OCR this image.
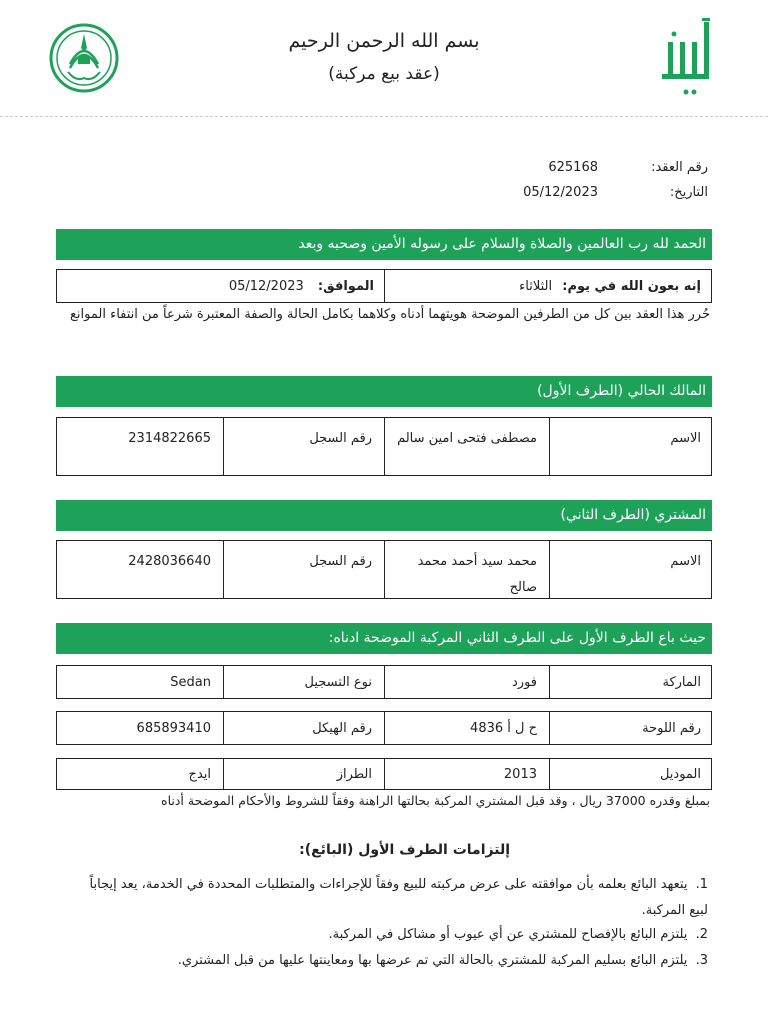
بسم الله الرحمن الرحيم
(عقد بيع مركبة)
رقم العقد:
625168
التاريخ:
05/12/2023
الحمد لله رب العالمين والصلاة والسلام على رسوله الأمين وصحبه وبعد
إنه بعون الله في يوم: الثلاثاء
الموافق: 05/12/2023
حُرر هذا العقد بين كل من الطرفين الموضحة هويتهما أدناه وكلاهما بكامل الحالة والصفة المعتبرة شرعاً من انتفاء الموانع
المالك الحالي (الطرف الأول)
الاسم
مصطفى فتحى امين سالم
رقم السجل
2314822665
المشتري (الطرف الثاني)
الاسم
محمد سيد أحمد محمد صالح
رقم السجل
2428036640
حيث باع الطرف الأول على الطرف الثاني المركبة الموضحة ادناه:
الماركة
فورد
نوع التسجيل
Sedan
رقم اللوحة
ح ل أ 4836
رقم الهيكل
685893410
الموديل
2013
الطراز
ايدج
بمبلغ وقدره 37000 ريال ، وقد قبل المشتري المركبة بحالتها الراهنة وفقاً للشروط والأحكام الموضحة أدناه
إلتزامات الطرف الأول (البائع):
1. يتعهد البائع بعلمه بأن موافقته على عرض مركبته للبيع وفقاً للإجراءات والمتطلبات المحددة في الخدمة، يعد إيجاباً لبيع المركبة.
2. يلتزم البائع بالإفصاح للمشتري عن أي عيوب أو مشاكل في المركبة.
3. يلتزم البائع بسليم المركبة للمشتري بالحالة التي تم عرضها بها ومعاينتها عليها من قبل المشتري.
